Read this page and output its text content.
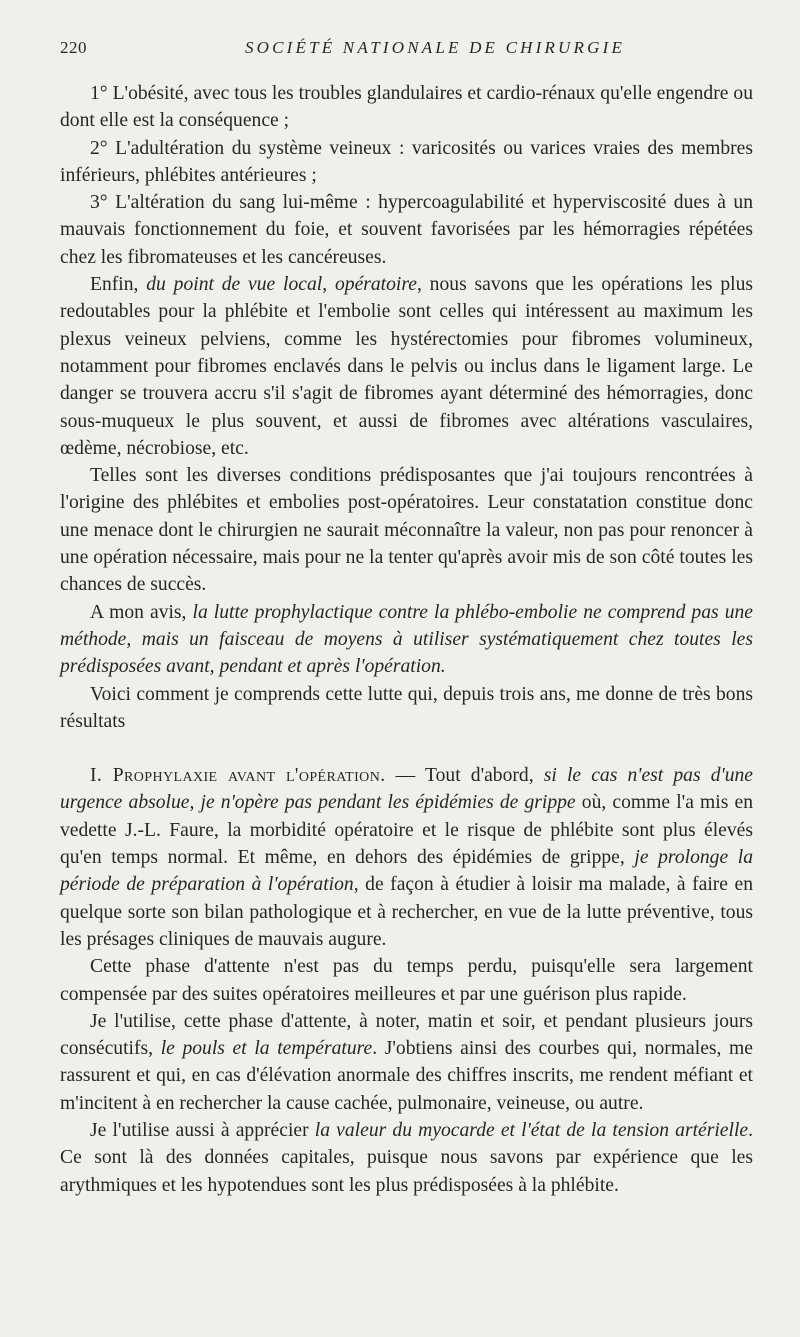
220	SOCIÉTÉ NATIONALE DE CHIRURGIE

1° L'obésité, avec tous les troubles glandulaires et cardio-rénaux qu'elle engendre ou dont elle est la conséquence ;

2° L'adultération du système veineux : varicosités ou varices vraies des membres inférieurs, phlébites antérieures ;

3° L'altération du sang lui-même : hypercoagulabilité et hyperviscosité dues à un mauvais fonctionnement du foie, et souvent favorisées par les hémorragies répétées chez les fibromateuses et les cancéreuses.

Enfin, du point de vue local, opératoire, nous savons que les opérations les plus redoutables pour la phlébite et l'embolie sont celles qui intéressent au maximum les plexus veineux pelviens, comme les hystérectomies pour fibromes volumineux, notamment pour fibromes enclavés dans le pelvis ou inclus dans le ligament large. Le danger se trouvera accru s'il s'agit de fibromes ayant déterminé des hémorragies, donc sous-muqueux le plus souvent, et aussi de fibromes avec altérations vasculaires, œdème, nécrobiose, etc.

Telles sont les diverses conditions prédisposantes que j'ai toujours rencontrées à l'origine des phlébites et embolies post-opératoires. Leur constatation constitue donc une menace dont le chirurgien ne saurait méconnaître la valeur, non pas pour renoncer à une opération nécessaire, mais pour ne la tenter qu'après avoir mis de son côté toutes les chances de succès.

A mon avis, la lutte prophylactique contre la phlébo-embolie ne comprend pas une méthode, mais un faisceau de moyens à utiliser systématiquement chez toutes les prédisposées avant, pendant et après l'opération.

Voici comment je comprends cette lutte qui, depuis trois ans, me donne de très bons résultats

I. Prophylaxie avant l'opération. — Tout d'abord, si le cas n'est pas d'une urgence absolue, je n'opère pas pendant les épidémies de grippe où, comme l'a mis en vedette J.-L. Faure, la morbidité opératoire et le risque de phlébite sont plus élevés qu'en temps normal. Et même, en dehors des épidémies de grippe, je prolonge la période de préparation à l'opération, de façon à étudier à loisir ma malade, à faire en quelque sorte son bilan pathologique et à rechercher, en vue de la lutte préventive, tous les présages cliniques de mauvais augure.

Cette phase d'attente n'est pas du temps perdu, puisqu'elle sera largement compensée par des suites opératoires meilleures et par une guérison plus rapide.

Je l'utilise, cette phase d'attente, à noter, matin et soir, et pendant plusieurs jours consécutifs, le pouls et la température. J'obtiens ainsi des courbes qui, normales, me rassurent et qui, en cas d'élévation anormale des chiffres inscrits, me rendent méfiant et m'incitent à en rechercher la cause cachée, pulmonaire, veineuse, ou autre.

Je l'utilise aussi à apprécier la valeur du myocarde et l'état de la tension artérielle. Ce sont là des données capitales, puisque nous savons par expérience que les arythmiques et les hypotendues sont les plus prédisposées à la phlébite.
